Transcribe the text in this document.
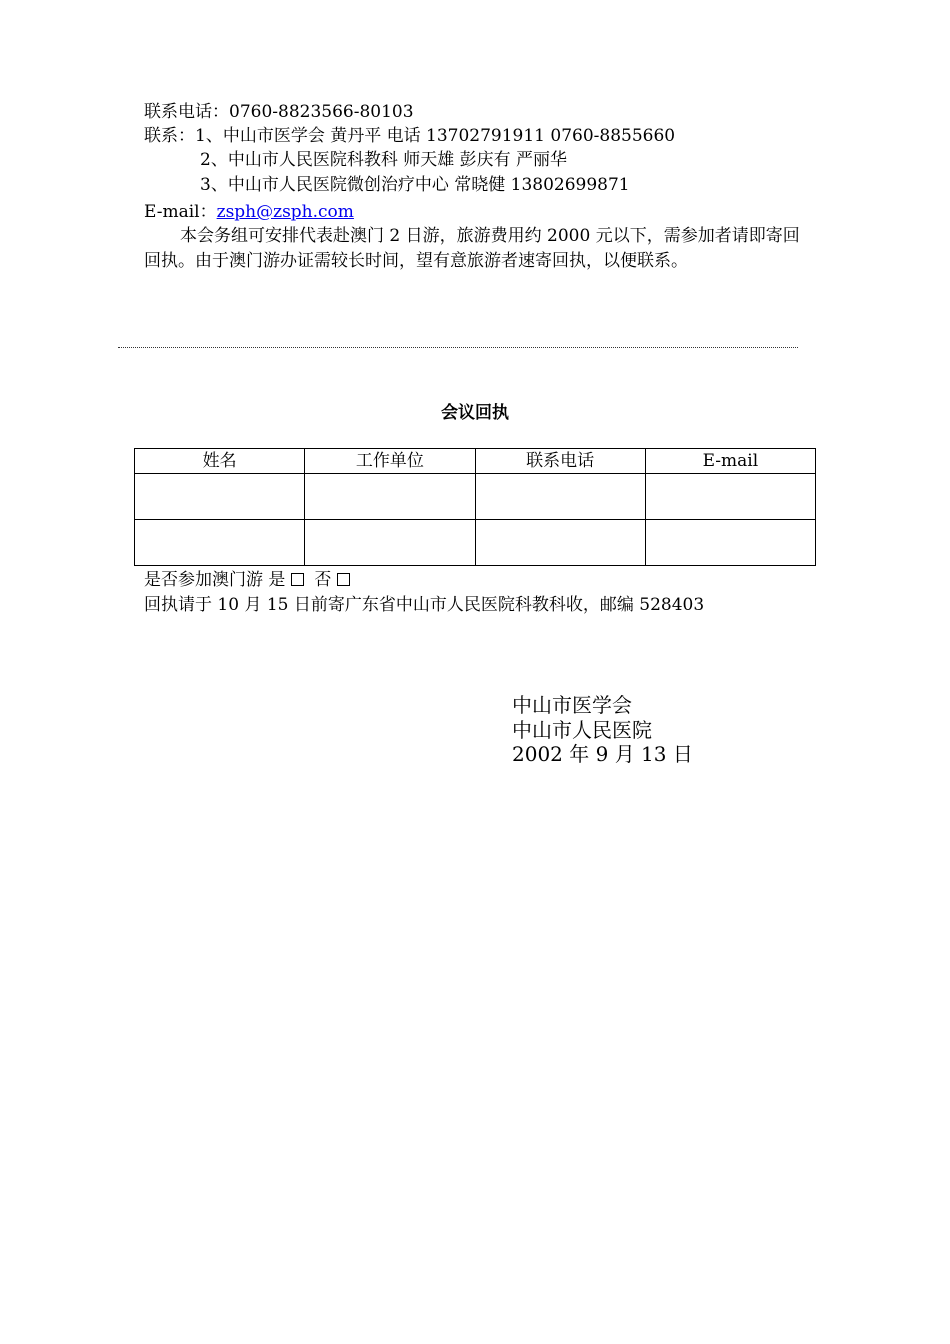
联系电话：0760-8823566-80103
联系：1、中山市医学会 黄丹平 电话 13702791911 0760-8855660
2、中山市人民医院科教科 师天雄 彭庆有 严丽华
3、中山市人民医院微创治疗中心 常晓健 13802699871
E-mail：zsph@zsph.com

本会务组可安排代表赴澳门 2 日游，旅游费用约 2000 元以下，需参加者请即寄回回执。由于澳门游办证需较长时间，望有意旅游者速寄回执，以便联系。

会议回执
姓名	工作单位	联系电话	E-mail

是否参加澳门游 是 否
回执请于 10 月 15 日前寄广东省中山市人民医院科教科收，邮编 528403
中山市医学会
中山市人民医院
2002 年 9 月 13 日
